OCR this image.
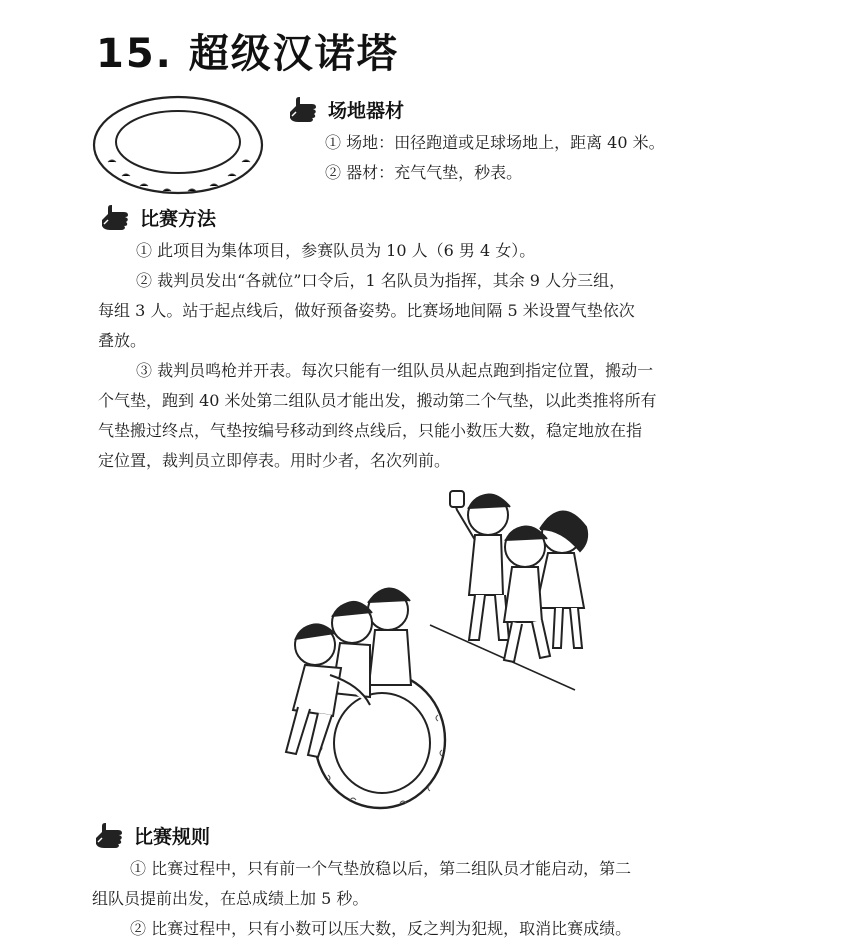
15. 超级汉诺塔
场地器材
① 场地：田径跑道或足球场地上，距离 40 米。
② 器材：充气气垫，秒表。
比赛方法
① 此项目为集体项目，参赛队员为 10 人（6 男 4 女）。
② 裁判员发出“各就位”口令后，1 名队员为指挥，其余 9 人分三组，
每组 3 人。站于起点线后，做好预备姿势。比赛场地间隔 5 米设置气垫依次
叠放。
③ 裁判员鸣枪并开表。每次只能有一组队员从起点跑到指定位置，搬动一
个气垫，跑到 40 米处第二组队员才能出发，搬动第二个气垫，以此类推将所有
气垫搬过终点，气垫按编号移动到终点线后，只能小数压大数，稳定地放在指
定位置，裁判员立即停表。用时少者，名次列前。
比赛规则
① 比赛过程中，只有前一个气垫放稳以后，第二组队员才能启动，第二
组队员提前出发，在总成绩上加 5 秒。
② 比赛过程中，只有小数可以压大数，反之判为犯规，取消比赛成绩。
